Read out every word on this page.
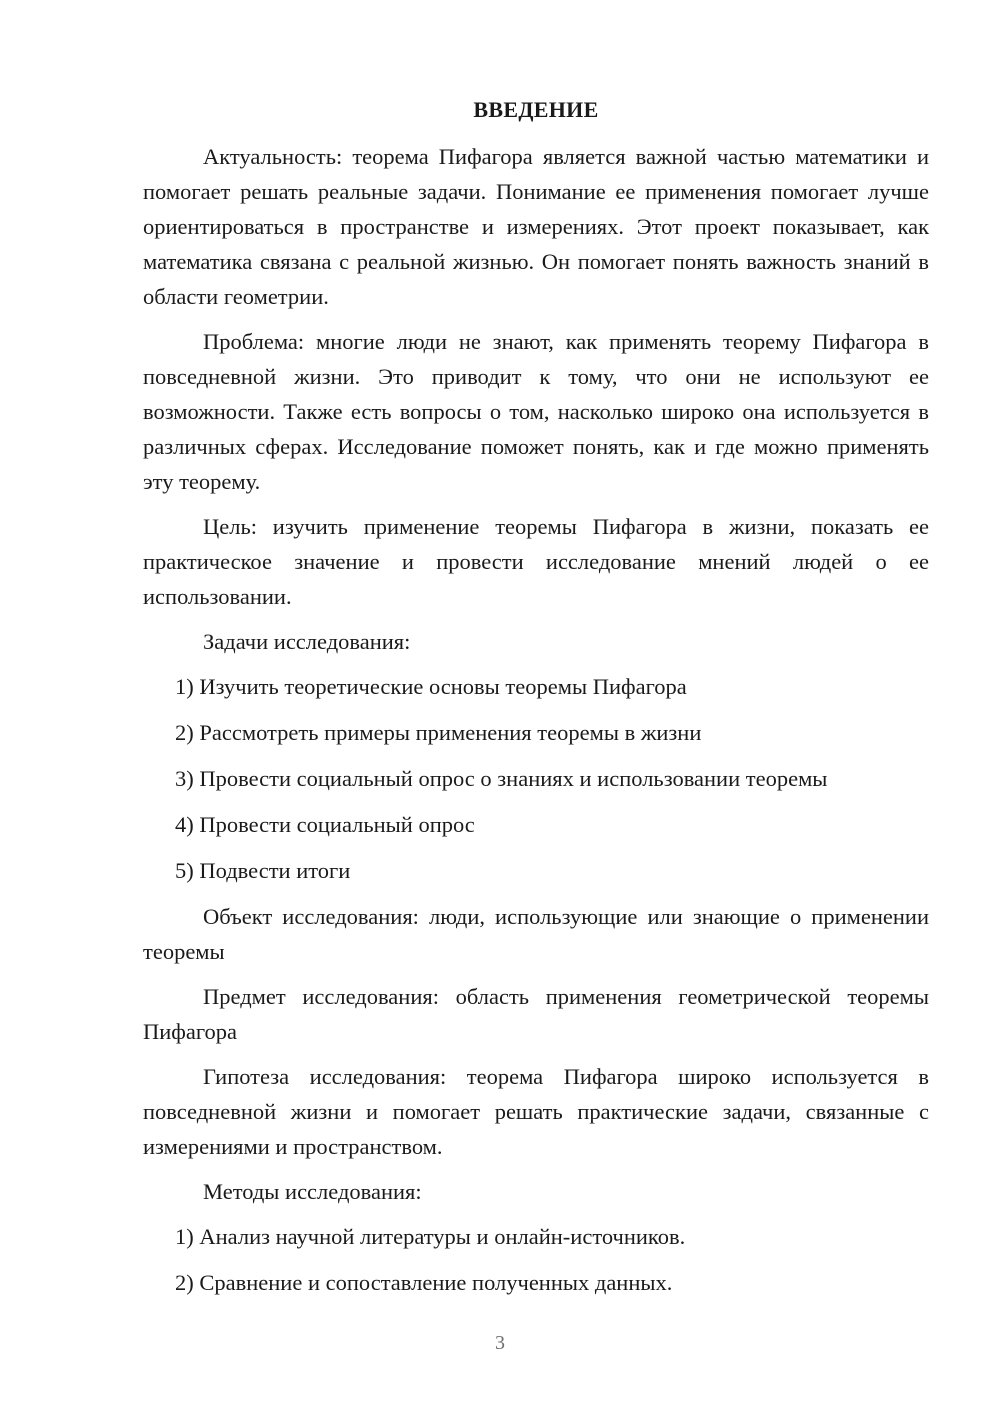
ВВЕДЕНИЕ

Актуальность: теорема Пифагора является важной частью математики и помогает решать реальные задачи. Понимание ее применения помогает лучше ориентироваться в пространстве и измерениях. Этот проект показывает, как математика связана с реальной жизнью. Он помогает понять важность знаний в области геометрии.

Проблема: многие люди не знают, как применять теорему Пифагора в повседневной жизни. Это приводит к тому, что они не используют ее возможности. Также есть вопросы о том, насколько широко она используется в различных сферах. Исследование поможет понять, как и где можно применять эту теорему.

Цель: изучить применение теоремы Пифагора в жизни, показать ее практическое значение и провести исследование мнений людей о ее использовании.

Задачи исследования:

1) Изучить теоретические основы теоремы Пифагора
2) Рассмотреть примеры применения теоремы в жизни
3) Провести социальный опрос о знаниях и использовании теоремы
4) Провести социальный опрос
5) Подвести итоги

Объект исследования: люди, использующие или знающие о применении теоремы

Предмет исследования: область применения геометрической теоремы Пифагора

Гипотеза исследования: теорема Пифагора широко используется в повседневной жизни и помогает решать практические задачи, связанные с измерениями и пространством.

Методы исследования:

1) Анализ научной литературы и онлайн-источников.
2) Сравнение и сопоставление полученных данных.
3
